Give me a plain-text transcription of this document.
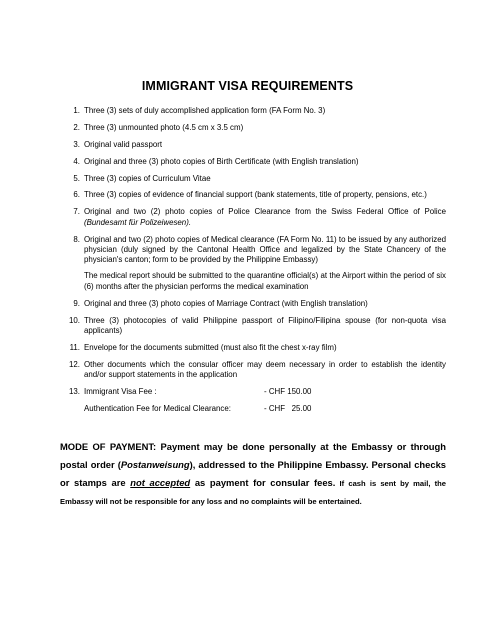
IMMIGRANT VISA REQUIREMENTS
1. Three (3) sets of duly accomplished application form (FA Form No. 3)
2. Three (3) unmounted photo (4.5 cm x 3.5 cm)
3. Original valid passport
4. Original and three (3) photo copies of Birth Certificate (with English translation)
5. Three (3) copies of Curriculum Vitae
6. Three (3) copies of evidence of financial support (bank statements, title of property, pensions, etc.)
7. Original and two (2) photo copies of Police Clearance from the Swiss Federal Office of Police (Bundesamt für Polizeiwesen).
8. Original and two (2) photo copies of Medical clearance (FA Form No. 11) to be issued by any authorized physician (duly signed by the Cantonal Health Office and legalized by the State Chancery of the physician's canton; form to be provided by the Philippine Embassy)
The medical report should be submitted to the quarantine official(s) at the Airport within the period of six (6) months after the physician performs the medical examination
9. Original and three (3) photo copies of Marriage Contract (with English translation)
10. Three (3) photocopies of valid Philippine passport of Filipino/Filipina spouse (for non-quota visa applicants)
11. Envelope for the documents submitted (must also fit the chest x-ray film)
12. Other documents which the consular officer may deem necessary in order to establish the identity and/or support statements in the application
13. Immigrant Visa Fee :	- CHF 150.00
Authentication Fee for Medical Clearance:	- CHF   25.00
MODE OF PAYMENT: Payment may be done personally at the Embassy or through postal order (Postanweisung), addressed to the Philippine Embassy. Personal checks or stamps are not accepted as payment for consular fees. If cash is sent by mail, the Embassy will not be responsible for any loss and no complaints will be entertained.
